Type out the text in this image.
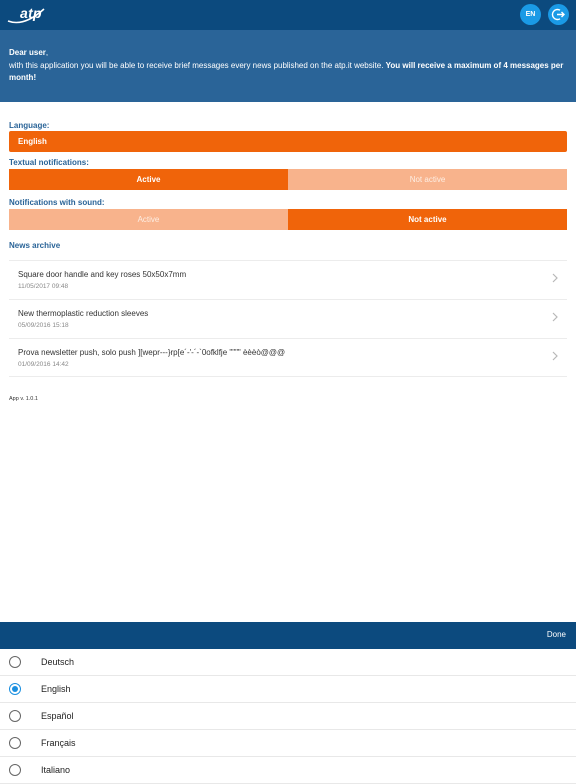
atp	EN
Dear user,
with this application you will be able to receive brief messages every news published on the atp.it website. You will receive a maximum of 4 messages per month!
Language:
English
Textual notifications:
Active	Not active
Notifications with sound:
Active	Not active
News archive
Square door handle and key roses 50x50x7mm
11/05/2017 09:48
New thermoplastic reduction sleeves
05/09/2016 15:18
Prova newsletter push, solo push ][wepr---}rp[e´-'-´-`0ofklfje """" èèèò@@@
01/09/2016 14:42
App v. 1.0.1
Done
Deutsch
English
Español
Français
Italiano
